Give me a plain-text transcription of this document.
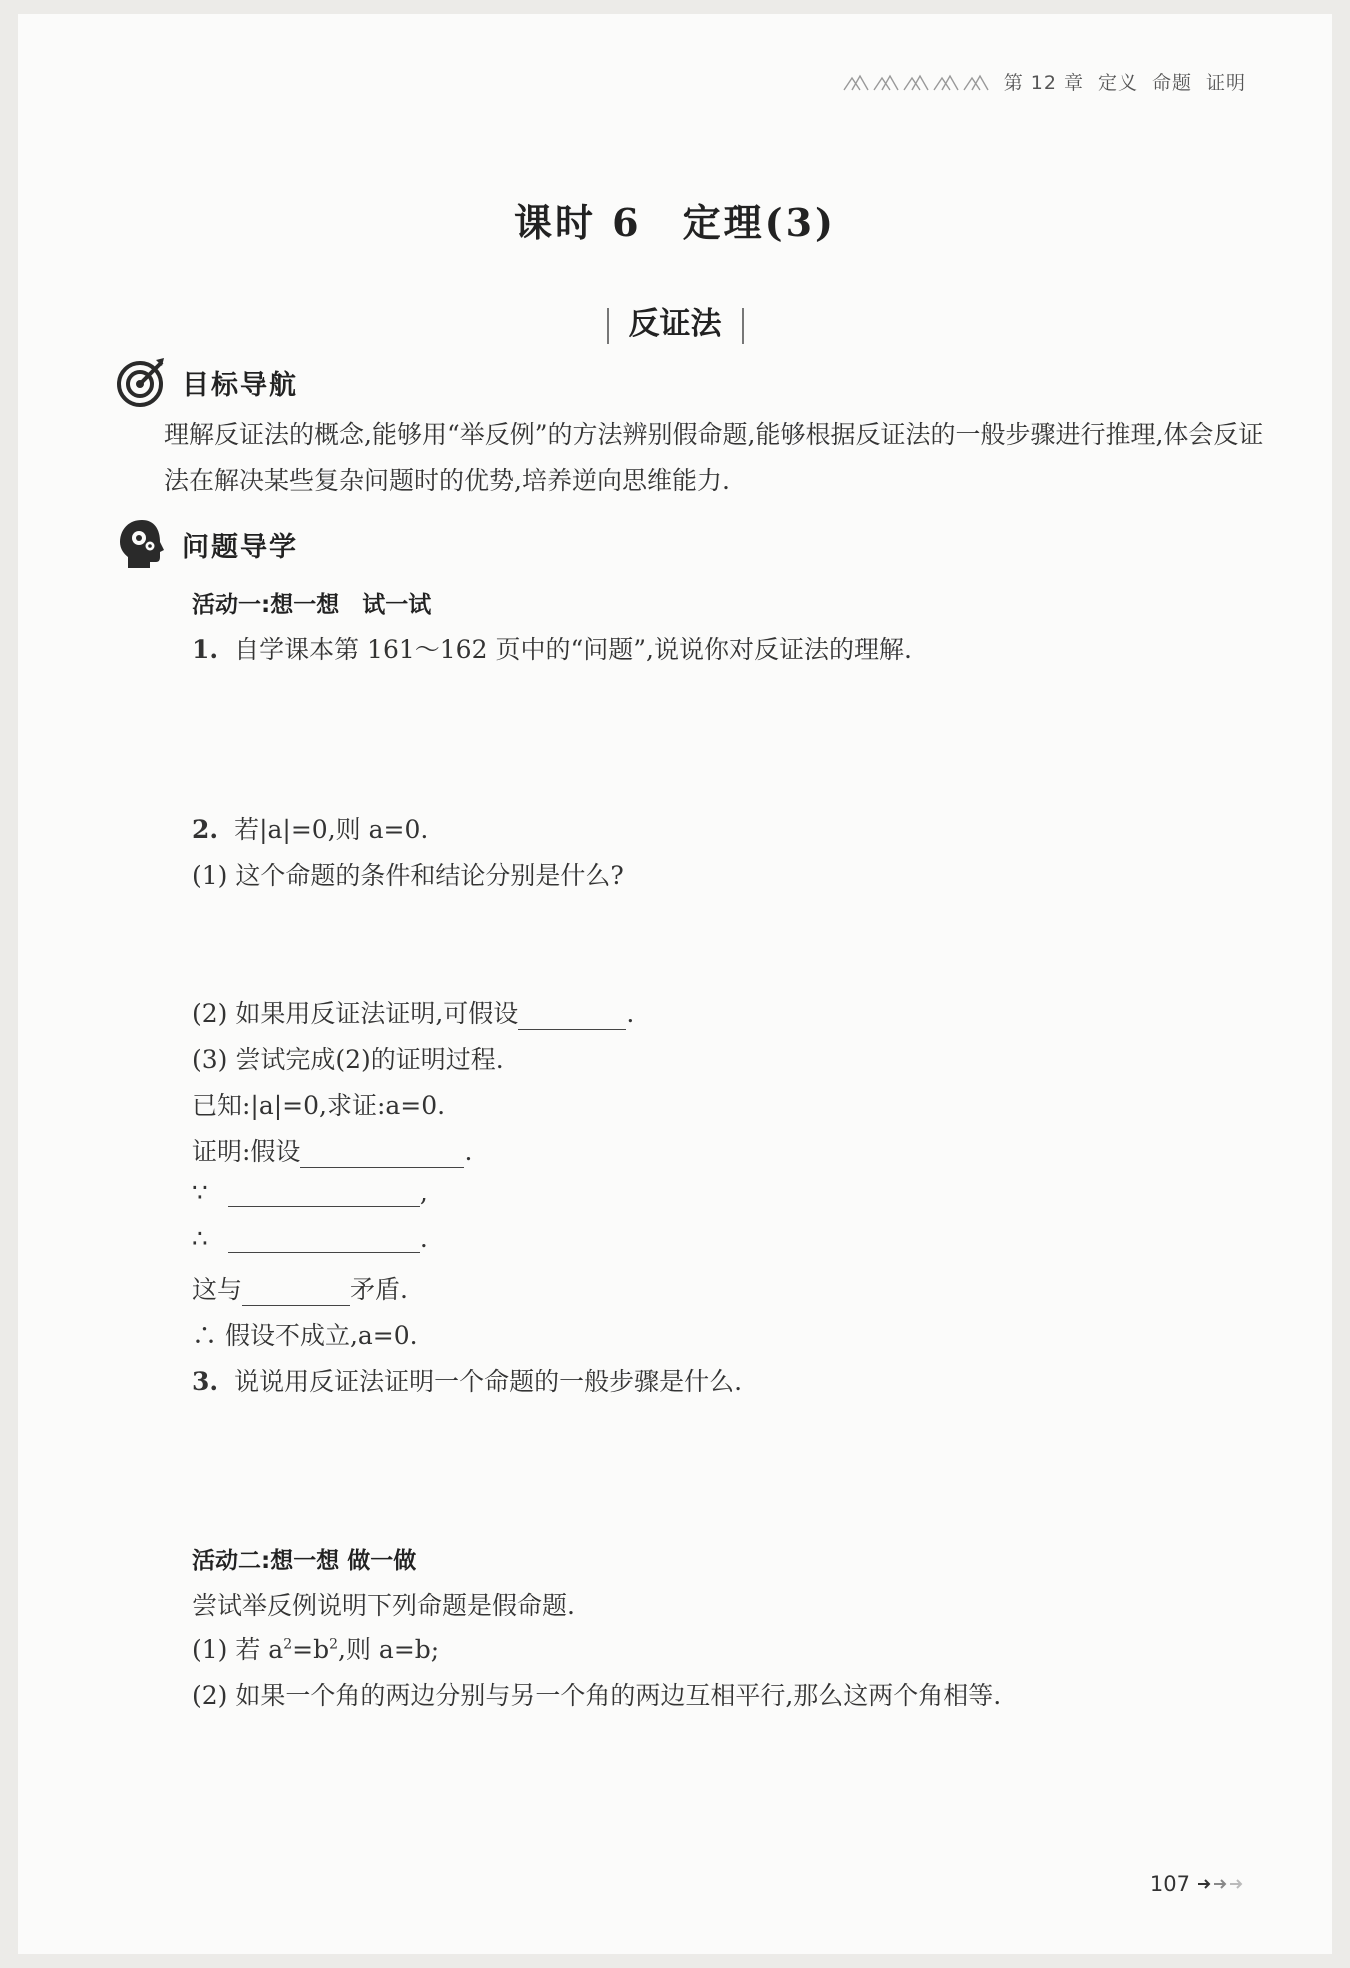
第 12 章 定义 命题 证明
课时 6　定理(3)
反证法
目标导航
理解反证法的概念,能够用“举反例”的方法辨别假命题,能够根据反证法的一般步骤进行推理,体会反证法在解决某些复杂问题时的优势,培养逆向思维能力.
问题导学
活动一:想一想　试一试
1. 自学课本第 161～162 页中的“问题”,说说你对反证法的理解.
2. 若|a|=0,则 a=0.
(1) 这个命题的条件和结论分别是什么?
(2) 如果用反证法证明,可假设	.
(3) 尝试完成(2)的证明过程.
已知:|a|=0,求证:a=0.
证明:假设	.
∵	,
∴	.
这与	矛盾.
∴ 假设不成立,a=0.
3. 说说用反证法证明一个命题的一般步骤是什么.
活动二:想一想 做一做
尝试举反例说明下列命题是假命题.
(1) 若 $a^2=b^2$,则 a=b;
(2) 如果一个角的两边分别与另一个角的两边互相平行,那么这两个角相等.
107
